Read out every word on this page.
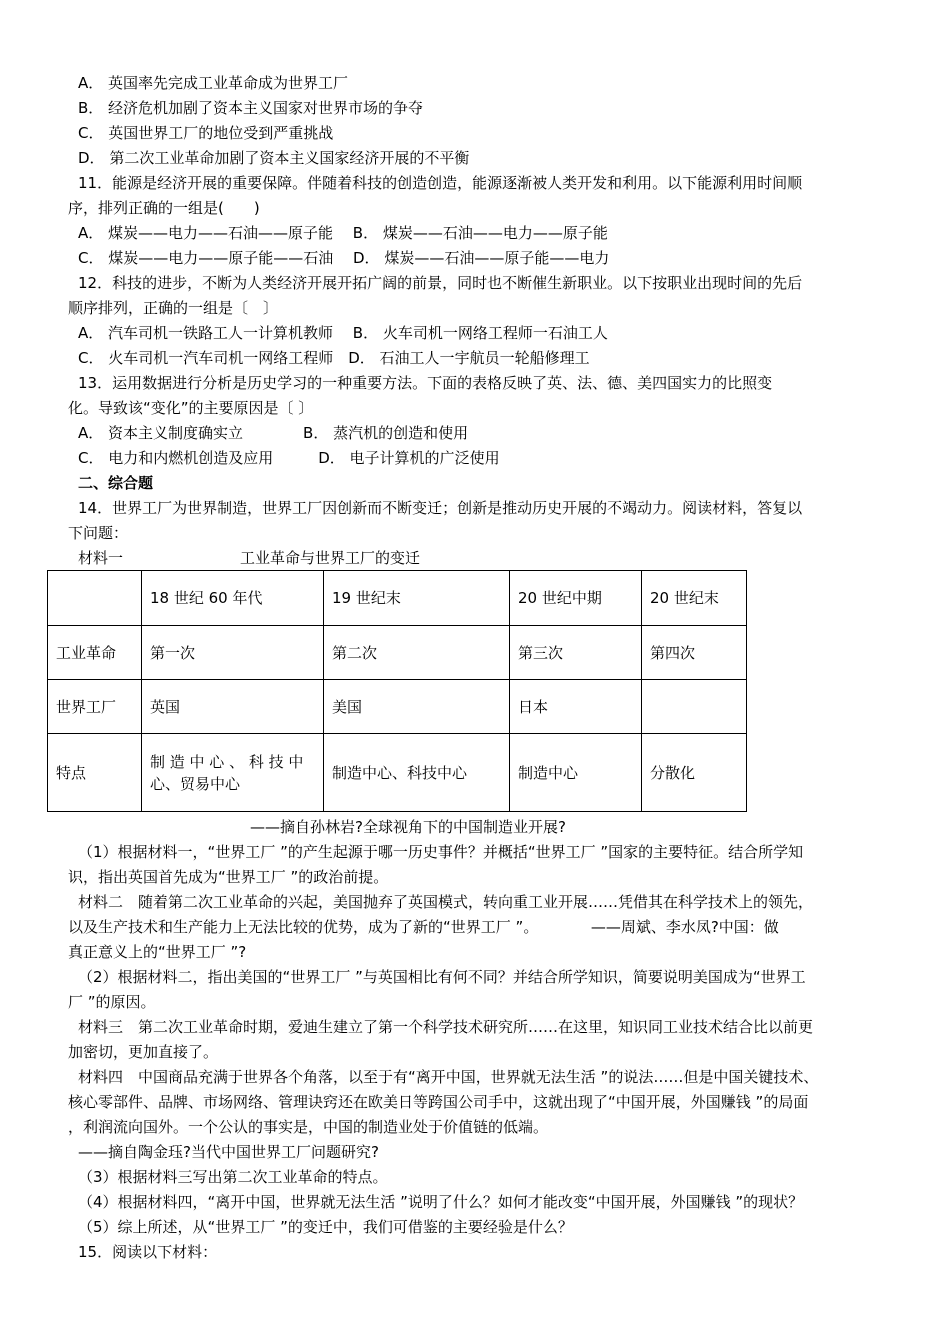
A． 英国率先完成工业革命成为世界工厂
B． 经济危机加剧了资本主义国家对世界市场的争夺
C． 英国世界工厂的地位受到严重挑战
D． 第二次工业革命加剧了资本主义国家经济开展的不平衡
11．能源是经济开展的重要保障。伴随着科技的创造创造，能源逐渐被人类开发和利用。以下能源利用时间顺
序，排列正确的一组是(　　)
A． 煤炭——电力——石油——原子能　 B． 煤炭——石油——电力——原子能
C． 煤炭——电力——原子能——石油　 D． 煤炭——石油——原子能——电力
12．科技的进步，不断为人类经济开展开拓广阔的前景，同时也不断催生新职业。以下按职业出现时间的先后
顺序排列，正确的一组是〔　〕
A． 汽车司机一铁路工人一计算机教师　 B． 火车司机一网络工程师一石油工人
C． 火车司机一汽车司机一网络工程师　D． 石油工人一宇航员一轮船修理工
13．运用数据进行分析是历史学习的一种重要方法。下面的表格反映了英、法、德、美四国实力的比照变
化。导致该“变化”的主要原因是〔 〕
A． 资本主义制度确实立　　　　B． 蒸汽机的创造和使用
C． 电力和内燃机创造及应用　　　D． 电子计算机的广泛使用
二、综合题
14．世界工厂为世界制造，世界工厂因创新而不断变迁；创新是推动历史开展的不竭动力。阅读材料，答复以
下问题：
材料一	工业革命与世界工厂的变迁
	18 世纪 60 年代	19 世纪末	20 世纪中期	20 世纪末
工业革命	第一次	第二次	第三次	第四次
世界工厂	英国	美国	日本	
特点	制 造 中 心 、 科 技 中 心、贸易中心	制造中心、科技中心	制造中心	分散化
——摘自孙林岩?全球视角下的中国制造业开展?
（1）根据材料一，“世界工厂 ”的产生起源于哪一历史事件？并概括“世界工厂 ”国家的主要特征。结合所学知
识，指出英国首先成为“世界工厂 ”的政治前提。
材料二　随着第二次工业革命的兴起，美国抛弃了英国模式，转向重工业开展……凭借其在科学技术上的领先，
以及生产技术和生产能力上无法比较的优势，成为了新的“世界工厂 ”。　　　　——周斌、李水凤?中国：做
真正意义上的“世界工厂 ”?
（2）根据材料二，指出美国的“世界工厂 ”与英国相比有何不同？并结合所学知识，简要说明美国成为“世界工
厂 ”的原因。
材料三　第二次工业革命时期，爱迪生建立了第一个科学技术研究所……在这里，知识同工业技术结合比以前更
加密切，更加直接了。
材料四　中国商品充满于世界各个角落，以至于有“离开中国，世界就无法生活 ”的说法……但是中国关键技术、
核心零部件、品牌、市场网络、管理诀窍还在欧美日等跨国公司手中，这就出现了“中国开展，外国赚钱 ”的局面
，利润流向国外。一个公认的事实是，中国的制造业处于价值链的低端。
——摘自陶金珏?当代中国世界工厂问题研究?
（3）根据材料三写出第二次工业革命的特点。
（4）根据材料四，“离开中国，世界就无法生活 ”说明了什么？如何才能改变“中国开展，外国赚钱 ”的现状？
（5）综上所述，从“世界工厂 ”的变迁中，我们可借鉴的主要经验是什么？
15．阅读以下材料：
